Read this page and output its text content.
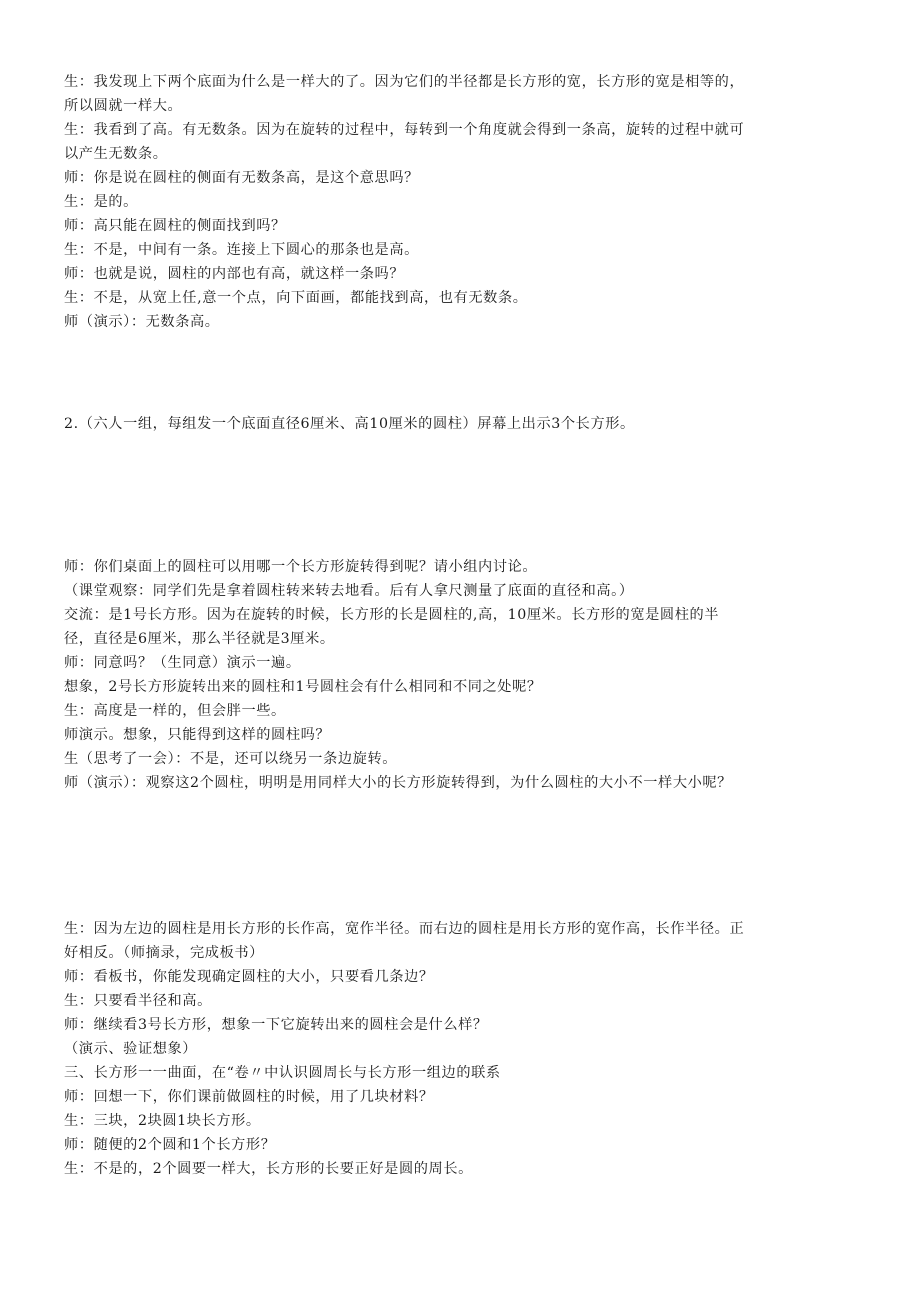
生：我发现上下两个底面为什么是一样大的了。因为它们的半径都是长方形的宽，长方形的宽是相等的，
所以圆就一样大。
生：我看到了高。有无数条。因为在旋转的过程中，每转到一个角度就会得到一条高，旋转的过程中就可
以产生无数条。
师：你是说在圆柱的侧面有无数条高，是这个意思吗？
生：是的。
师：高只能在圆柱的侧面找到吗？
生：不是，中间有一条。连接上下圆心的那条也是高。
师：也就是说，圆柱的内部也有高，就这样一条吗？
生：不是，从宽上任,意一个点，向下面画，都能找到高，也有无数条。
师（演示）：无数条高。
2.（六人一组，每组发一个底面直径6厘米、高10厘米的圆柱）屏幕上出示3个长方形。
师：你们桌面上的圆柱可以用哪一个长方形旋转得到呢？请小组内讨论。
（课堂观察：同学们先是拿着圆柱转来转去地看。后有人拿尺测量了底面的直径和高。）
交流：是1号长方形。因为在旋转的时候，长方形的长是圆柱的,高，10厘米。长方形的宽是圆柱的半
径，直径是6厘米，那么半径就是3厘米。
师：同意吗？（生同意）演示一遍。
想象，2号长方形旋转出来的圆柱和1号圆柱会有什么相同和不同之处呢？
生：高度是一样的，但会胖一些。
师演示。想象，只能得到这样的圆柱吗？
生（思考了一会）：不是，还可以绕另一条边旋转。
师（演示）：观察这2个圆柱，明明是用同样大小的长方形旋转得到，为什么圆柱的大小不一样大小呢？
生：因为左边的圆柱是用长方形的长作高，宽作半径。而右边的圆柱是用长方形的宽作高，长作半径。正
好相反。（师摘录，完成板书）
师：看板书，你能发现确定圆柱的大小，只要看几条边？
生：只要看半径和高。
师：继续看3号长方形，想象一下它旋转出来的圆柱会是什么样？
（演示、验证想象）
三、长方形一一曲面，在“卷〃中认识圆周长与长方形一组边的联系
师：回想一下，你们课前做圆柱的时候，用了几块材料？
生：三块，2块圆1块长方形。
师：随便的2个圆和1个长方形？
生：不是的，2个圆要一样大，长方形的长要正好是圆的周长。
